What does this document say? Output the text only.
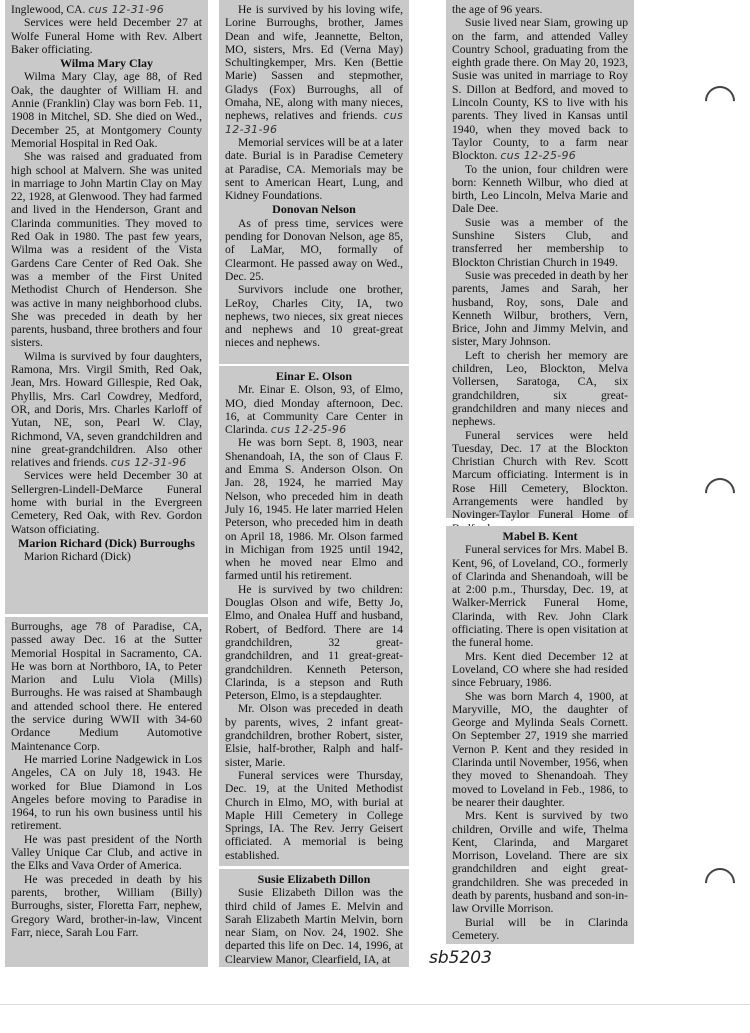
Inglewood, CA. cus 12-31-96

Services were held December 27 at Wolfe Funeral Home with Rev. Albert Baker officiating.

Wilma Mary Clay

Wilma Mary Clay, age 88, of Red Oak, the daughter of William H. and Annie (Franklin) Clay was born Feb. 11, 1908 in Mitchel, SD. She died on Wed., December 25, at Montgomery County Memorial Hospital in Red Oak.

She was raised and graduated from high school at Malvern. She was united in marriage to John Martin Clay on May 22, 1928, at Glenwood. They had farmed and lived in the Henderson, Grant and Clarinda communities. They moved to Red Oak in 1980. The past few years, Wilma was a resident of the Vista Gardens Care Center of Red Oak. She was a member of the First United Methodist Church of Henderson. She was active in many neighborhood clubs. She was preceded in death by her parents, husband, three brothers and four sisters.

Wilma is survived by four daughters, Ramona, Mrs. Virgil Smith, Red Oak, Jean, Mrs. Howard Gillespie, Red Oak, Phyllis, Mrs. Carl Cowdrey, Medford, OR, and Doris, Mrs. Charles Karloff of Yutan, NE, son, Pearl W. Clay, Richmond, VA, seven grandchildren and nine great-grandchildren. Also other relatives and friends. cus 12-31-96

Services were held December 30 at Sellergren-Lindell-DeMarce Funeral home with burial in the Evergreen Cemetery, Red Oak, with Rev. Gordon Watson officiating.

Marion Richard (Dick) Burroughs

Marion Richard (Dick)

Burroughs, age 78 of Paradise, CA, passed away Dec. 16 at the Sutter Memorial Hospital in Sacramento, CA. He was born at Northboro, IA, to Peter Marion and Lulu Viola (Mills) Burroughs. He was raised at Shambaugh and attended school there. He entered the service during WWII with 34-60 Ordance Medium Automotive Maintenance Corp.

He married Lorine Nadgewick in Los Angeles, CA on July 18, 1943. He worked for Blue Diamond in Los Angeles before moving to Paradise in 1964, to run his own business until his retirement.

He was past president of the North Valley Unique Car Club, and active in the Elks and Vava Order of America.

He was preceded in death by his parents, brother, William (Billy) Burroughs, sister, Floretta Farr, nephew, Gregory Ward, brother-in-law, Vincent Farr, niece, Sarah Lou Farr.

He is survived by his loving wife, Lorine Burroughs, brother, James Dean and wife, Jeannette, Belton, MO, sisters, Mrs. Ed (Verna May) Schultingkemper, Mrs. Ken (Bettie Marie) Sassen and stepmother, Gladys (Fox) Burroughs, all of Omaha, NE, along with many nieces, nephews, relatives and friends. cus 12-31-96

Memorial services will be at a later date. Burial is in Paradise Cemetery at Paradise, CA. Memorials may be sent to American Heart, Lung, and Kidney Foundations.

Donovan Nelson

As of press time, services were pending for Donovan Nelson, age 85, of LaMar, MO, formally of Clearmont. He passed away on Wed., Dec. 25.

Survivors include one brother, LeRoy, Charles City, IA, two nephews, two nieces, six great nieces and nephews and 10 great-great nieces and nephews.

Einar E. Olson

Mr. Einar E. Olson, 93, of Elmo, MO, died Monday afternoon, Dec. 16, at Community Care Center in Clarinda. cus 12-25-96

He was born Sept. 8, 1903, near Shenandoah, IA, the son of Claus F. and Emma S. Anderson Olson. On Jan. 28, 1924, he married May Nelson, who preceded him in death July 16, 1945. He later married Helen Peterson, who preceded him in death on April 18, 1986. Mr. Olson farmed in Michigan from 1925 until 1942, when he moved near Elmo and farmed until his retirement.

He is survived by two children: Douglas Olson and wife, Betty Jo, Elmo, and Onalea Huff and husband, Robert, of Bedford. There are 14 grandchildren, 32 great-grandchildren, and 11 great-great-grandchildren. Kenneth Peterson, Clarinda, is a stepson and Ruth Peterson, Elmo, is a stepdaughter.

Mr. Olson was preceded in death by parents, wives, 2 infant great-grandchildren, brother Robert, sister, Elsie, half-brother, Ralph and half-sister, Marie.

Funeral services were Thursday, Dec. 19, at the United Methodist Church in Elmo, MO, with burial at Maple Hill Cemetery in College Springs, IA. The Rev. Jerry Geisert officiated. A memorial is being established.

Susie Elizabeth Dillon

Susie Elizabeth Dillon was the third child of James E. Melvin and Sarah Elizabeth Martin Melvin, born near Siam, on Nov. 24, 1902. She departed this life on Dec. 14, 1996, at Clearview Manor, Clearfield, IA, at

the age of 96 years.

Susie lived near Siam, growing up on the farm, and attended Valley Country School, graduating from the eighth grade there. On May 20, 1923, Susie was united in marriage to Roy S. Dillon at Bedford, and moved to Lincoln County, KS to live with his parents. They lived in Kansas until 1940, when they moved back to Taylor County, to a farm near Blockton. cus 12-25-96

To the union, four children were born: Kenneth Wilbur, who died at birth, Leo Lincoln, Melva Marie and Dale Dee.

Susie was a member of the Sunshine Sisters Club, and transferred her membership to Blockton Christian Church in 1949.

Susie was preceded in death by her parents, James and Sarah, her husband, Roy, sons, Dale and Kenneth Wilbur, brothers, Vern, Brice, John and Jimmy Melvin, and sister, Mary Johnson.

Left to cherish her memory are children, Leo, Blockton, Melva Vollersen, Saratoga, CA, six grandchildren, six great-grandchildren and many nieces and nephews.

Funeral services were held Tuesday, Dec. 17 at the Blockton Christian Church with Rev. Scott Marcum officiating. Interment is in Rose Hill Cemetery, Blockton. Arrangements were handled by Novinger-Taylor Funeral Home of

Mabel B. Kent

Funeral services for Mrs. Mabel B. Kent, 96, of Loveland, CO., formerly of Clarinda and Shenandoah, will be at 2:00 p.m., Thursday, Dec. 19, at Walker-Merrick Funeral Home, Clarinda, with Rev. John Clark officiating. There is open visitation at the funeral home.

Mrs. Kent died December 12 at Loveland, CO where she had resided since February, 1986.

She was born March 4, 1900, at Maryville, MO, the daughter of George and Mylinda Seals Cornett. On September 27, 1919 she married Vernon P. Kent and they resided in Clarinda until November, 1956, when they moved to Shenandoah. They moved to Loveland in Feb., 1986, to be nearer their daughter.

Mrs. Kent is survived by two children, Orville and wife, Thelma Kent, Clarinda, and Margaret Morrison, Loveland. There are six grandchildren and eight great-grandchildren. She was preceded in death by parents, husband and son-in-law Orville Morrison.

Burial will be in Clarinda Cemetery.

sb5203
